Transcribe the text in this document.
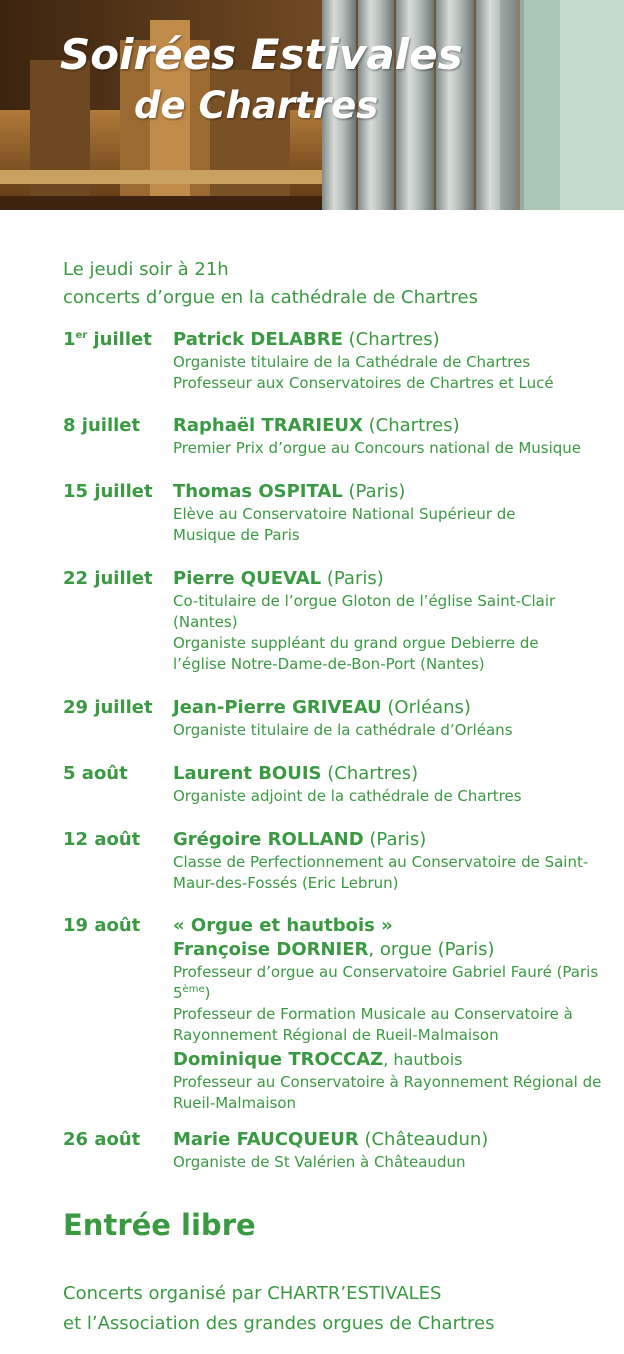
Soirées Estivales
de Chartres
Le jeudi soir à 21h
concerts d’orgue en la cathédrale de Chartres
1er juillet Patrick DELABRE (Chartres)
Organiste titulaire de la Cathédrale de Chartres
Professeur aux Conservatoires de Chartres et Lucé
8 juillet Raphaël TRARIEUX (Chartres)
Premier Prix d’orgue au Concours national de Musique
15 juillet Thomas OSPITAL (Paris)
Elève au Conservatoire National Supérieur de Musique de Paris
22 juillet Pierre QUEVAL (Paris)
Co-titulaire de l’orgue Gloton de l’église Saint-Clair (Nantes)
Organiste suppléant du grand orgue Debierre de l’église Notre-Dame-de-Bon-Port (Nantes)
29 juillet Jean-Pierre GRIVEAU (Orléans)
Organiste titulaire de la cathédrale d’Orléans
5 août	Laurent BOUIS (Chartres)
Organiste adjoint de la cathédrale de Chartres
12 août Grégoire ROLLAND (Paris)
Classe de Perfectionnement au Conservatoire de Saint-Maur-des-Fossés (Eric Lebrun)
19 août « Orgue et hautbois »
Françoise DORNIER, orgue (Paris)
Professeur d’orgue au Conservatoire Gabriel Fauré (Paris 5ème)
Professeur de Formation Musicale au Conservatoire à Rayonnement Régional de Rueil-Malmaison
Dominique TROCCAZ, hautbois
Professeur au Conservatoire à Rayonnement Régional de Rueil-Malmaison
26 août Marie FAUCQUEUR (Châteaudun)
Organiste de St Valérien à Châteaudun
Entrée libre
Concerts organisé par CHARTR’ESTIVALES
et l’Association des grandes orgues de Chartres
